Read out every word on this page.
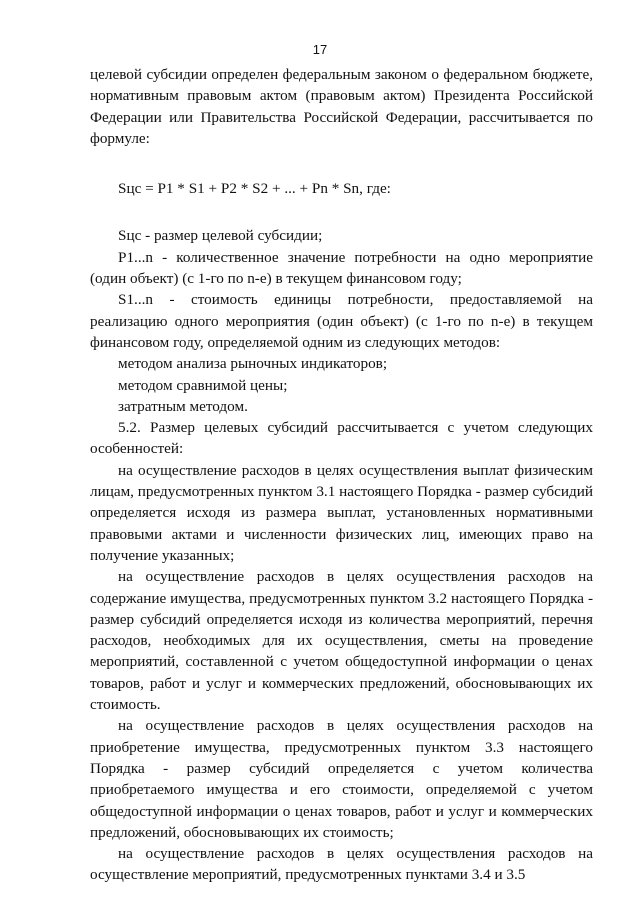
17

целевой субсидии определен федеральным законом о федеральном бюджете, нормативным правовым актом (правовым актом) Президента Российской Федерации или Правительства Российской Федерации, рассчитывается по формуле:

Sцс = P1 * S1 + P2 * S2 + ... + Pn * Sn, где:

Sцс - размер целевой субсидии;

P1...n - количественное значение потребности на одно мероприятие (один объект) (с 1-го по n-е) в текущем финансовом году;

S1...n - стоимость единицы потребности, предоставляемой на реализацию одного мероприятия (один объект) (с 1-го по n-е) в текущем финансовом году, определяемой одним из следующих методов:

методом анализа рыночных индикаторов;

методом сравнимой цены;

затратным методом.

5.2. Размер целевых субсидий рассчитывается с учетом следующих особенностей:

на осуществление расходов в целях осуществления выплат физическим лицам, предусмотренных пунктом 3.1 настоящего Порядка - размер субсидий определяется исходя из размера выплат, установленных нормативными правовыми актами и численности физических лиц, имеющих право на получение указанных;

на осуществление расходов в целях осуществления расходов на содержание имущества, предусмотренных пунктом 3.2 настоящего Порядка - размер субсидий определяется исходя из количества мероприятий, перечня расходов, необходимых для их осуществления, сметы на проведение мероприятий, составленной с учетом общедоступной информации о ценах товаров, работ и услуг и коммерческих предложений, обосновывающих их стоимость.

на осуществление расходов в целях осуществления расходов на приобретение имущества, предусмотренных пунктом 3.3 настоящего Порядка - размер субсидий определяется с учетом количества приобретаемого имущества и его стоимости, определяемой с учетом общедоступной информации о ценах товаров, работ и услуг и коммерческих предложений, обосновывающих их стоимость;

на осуществление расходов в целях осуществления расходов на осуществление мероприятий, предусмотренных пунктами 3.4 и 3.5
